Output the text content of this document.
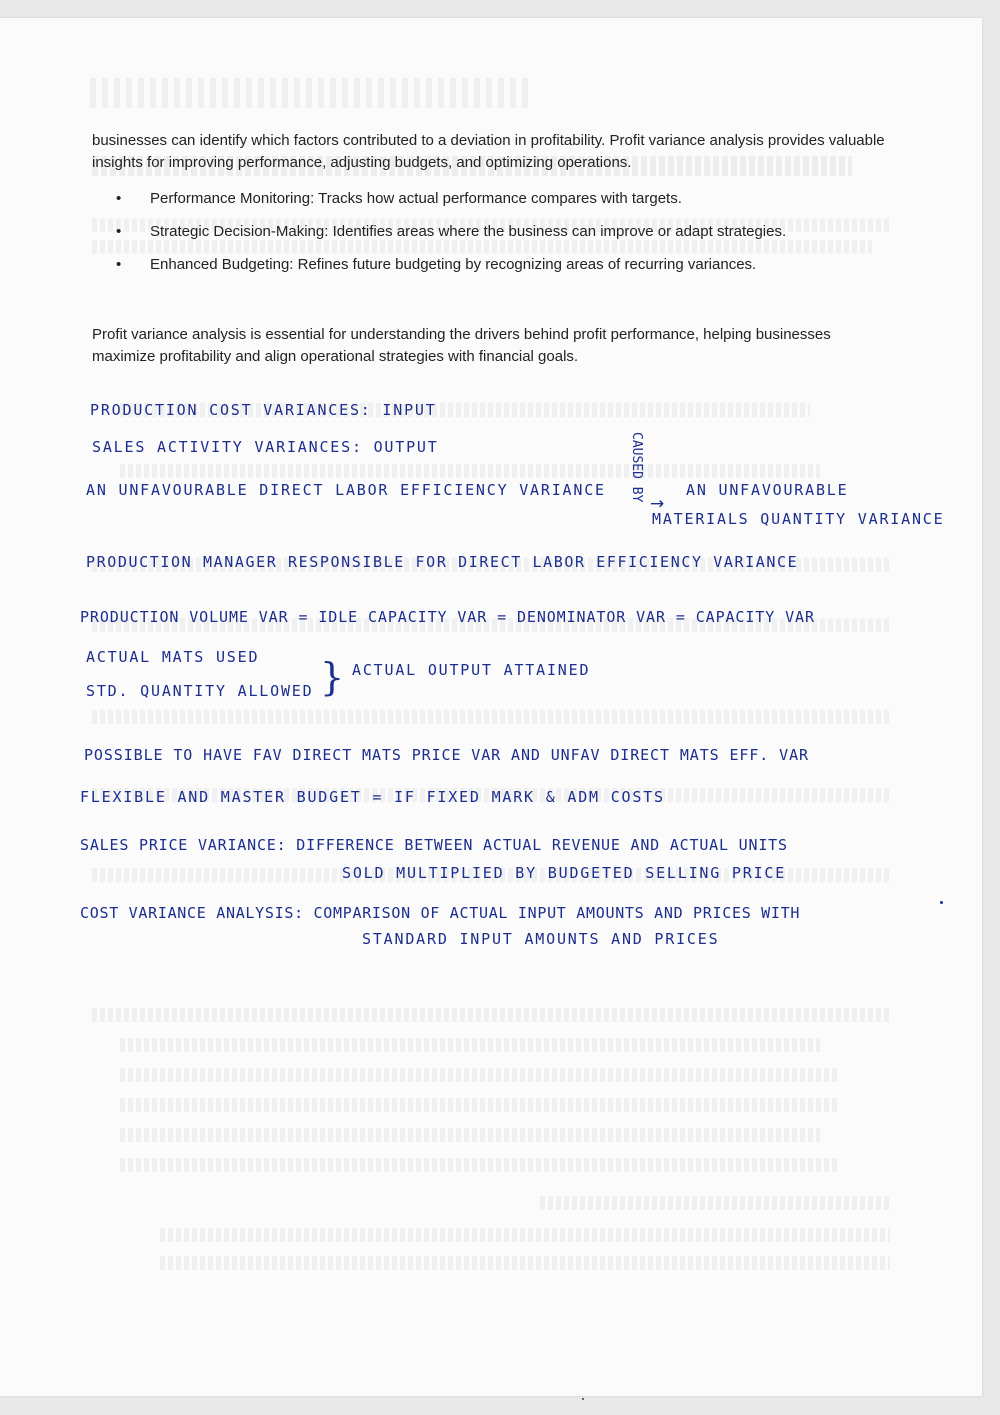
businesses can identify which factors contributed to a deviation in profitability. Profit variance analysis provides valuable insights for improving performance, adjusting budgets, and optimizing operations.
• Performance Monitoring: Tracks how actual performance compares with targets.
• Strategic Decision-Making: Identifies areas where the business can improve or adapt strategies.
• Enhanced Budgeting: Refines future budgeting by recognizing areas of recurring variances.
Profit variance analysis is essential for understanding the drivers behind profit performance, helping businesses maximize profitability and align operational strategies with financial goals.
PRODUCTION COST VARIANCES: INPUT
SALES ACTIVITY VARIANCES: OUTPUT
AN UNFAVOURABLE DIRECT LABOR EFFICIENCY VARIANCE CAUSED BY
→
AN UNFAVOURABLE
MATERIALS QUANTITY VARIANCE
PRODUCTION MANAGER RESPONSIBLE FOR DIRECT LABOR EFFICIENCY VARIANCE
PRODUCTION VOLUME VAR = IDLE CAPACITY VAR = DENOMINATOR VAR = CAPACITY VAR
ACTUAL MATS USED
STD. QUANTITY ALLOWED } ACTUAL OUTPUT ATTAINED
POSSIBLE TO HAVE FAV DIRECT MATS PRICE VAR AND UNFAV DIRECT MATS EFF. VAR
FLEXIBLE AND MASTER BUDGET = IF FIXED MARK & ADM COSTS
SALES PRICE VARIANCE: DIFFERENCE BETWEEN ACTUAL REVENUE AND ACTUAL UNITS
SOLD MULTIPLIED BY BUDGETED SELLING PRICE
COST VARIANCE ANALYSIS: COMPARISON OF ACTUAL INPUT AMOUNTS AND PRICES WITH
STANDARD INPUT AMOUNTS AND PRICES
